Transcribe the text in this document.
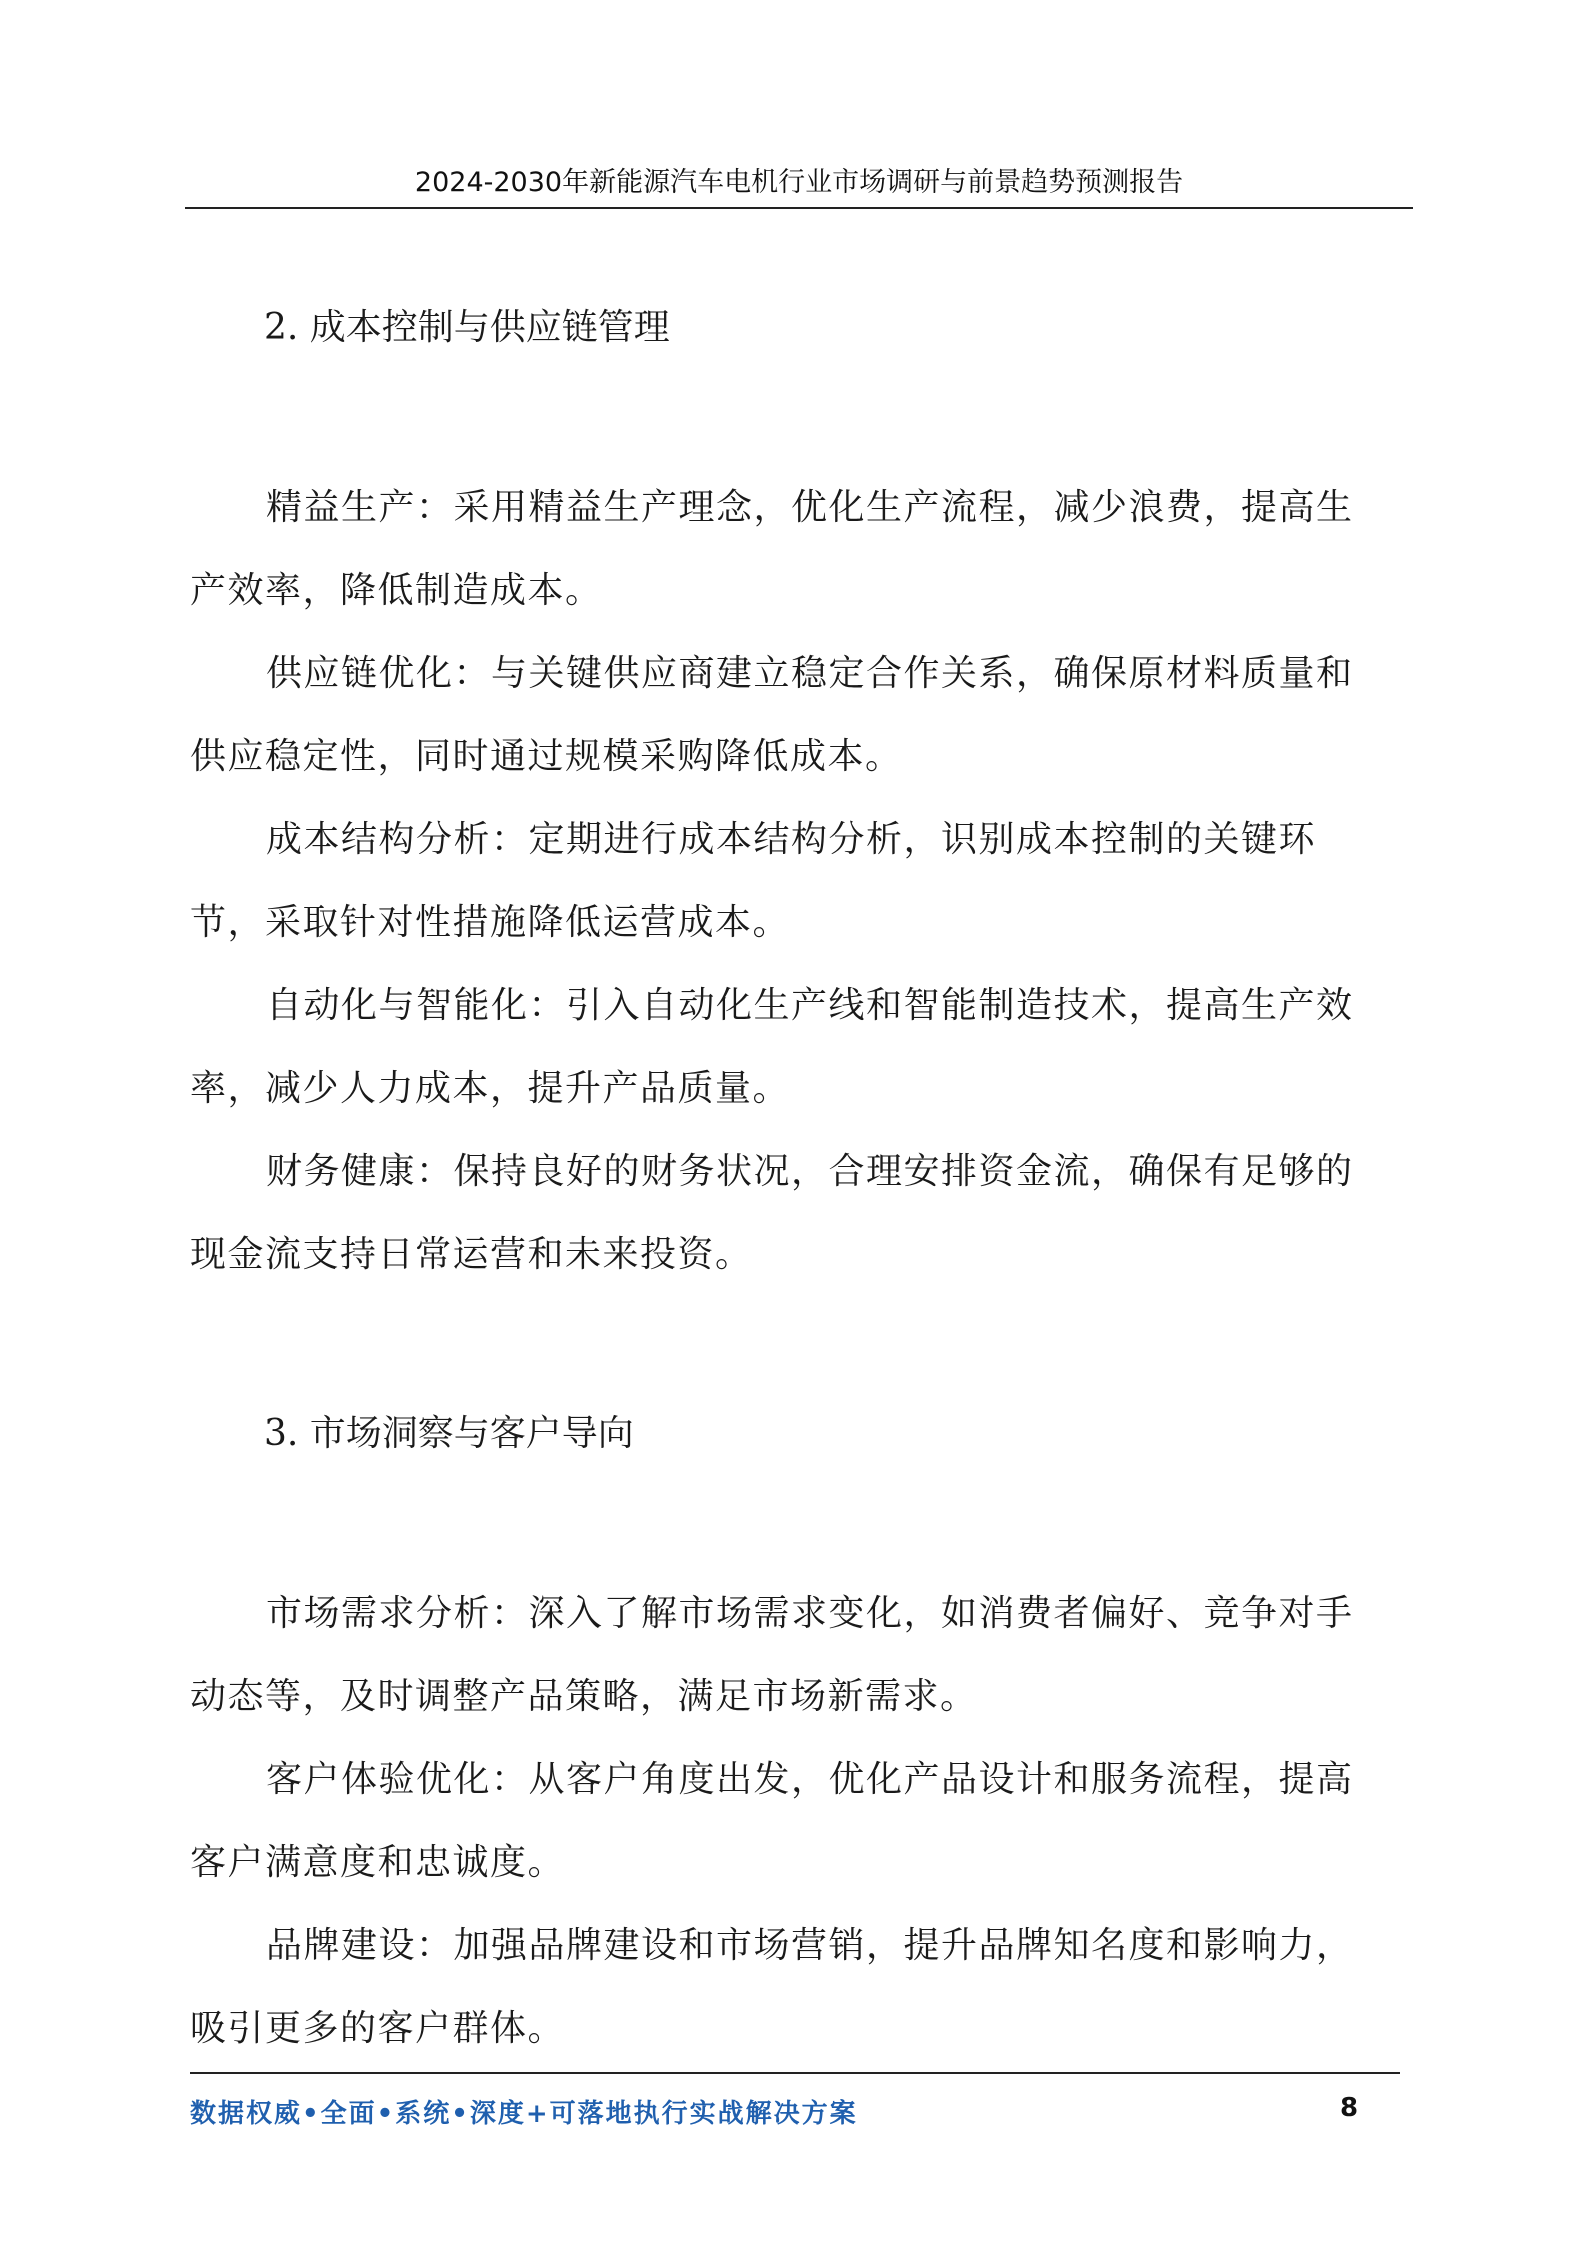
2024-2030年新能源汽车电机行业市场调研与前景趋势预测报告
2. 成本控制与供应链管理

精益生产：采用精益生产理念，优化生产流程，减少浪费，提高生产效率，降低制造成本。

供应链优化：与关键供应商建立稳定合作关系，确保原材料质量和供应稳定性，同时通过规模采购降低成本。

成本结构分析：定期进行成本结构分析，识别成本控制的关键环节，采取针对性措施降低运营成本。

自动化与智能化：引入自动化生产线和智能制造技术，提高生产效率，减少人力成本，提升产品质量。

财务健康：保持良好的财务状况，合理安排资金流，确保有足够的现金流支持日常运营和未来投资。

3. 市场洞察与客户导向

市场需求分析：深入了解市场需求变化，如消费者偏好、竞争对手动态等，及时调整产品策略，满足市场新需求。

客户体验优化：从客户角度出发，优化产品设计和服务流程，提高客户满意度和忠诚度。

品牌建设：加强品牌建设和市场营销，提升品牌知名度和影响力，吸引更多的客户群体。

数据权威•全面•系统•深度+可落地执行实战解决方案	8
